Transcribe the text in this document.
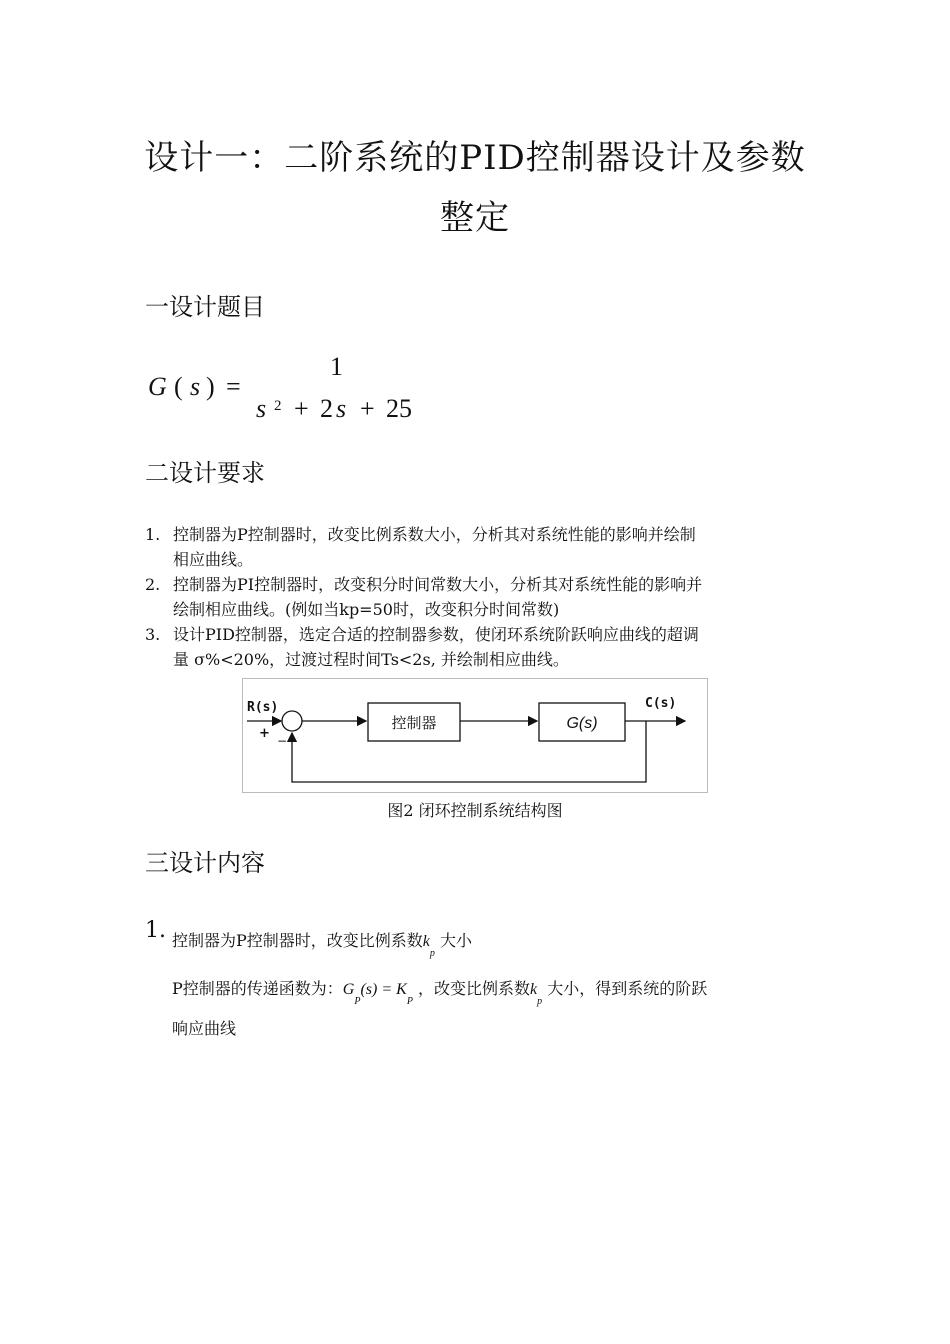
设计一：二阶系统的PID控制器设计及参数
整定
一设计题目
G ( s ) =
1
s 2 + 2 s + 25
二设计要求
1. 控制器为P控制器时，改变比例系数大小，分析其对系统性能的影响并绘制
相应曲线。
2. 控制器为PI控制器时，改变积分时间常数大小，分析其对系统性能的影响并
绘制相应曲线。(例如当kp=50时，改变积分时间常数)
3. 设计PID控制器，选定合适的控制器参数，使闭环系统阶跃响应曲线的超调
量 σ%<20%，过渡过程时间Ts<2s, 并绘制相应曲线。
R(s)
+ −
控制器	G(s)
C(s)
图2 闭环控制系统结构图
三设计内容
1. 控制器为P控制器时，改变比例系数$k_p$ 大小
P控制器的传递函数为：$G_P(s) = K_P$ ，改变比例系数$k_p$ 大小，得到系统的阶跃
响应曲线
